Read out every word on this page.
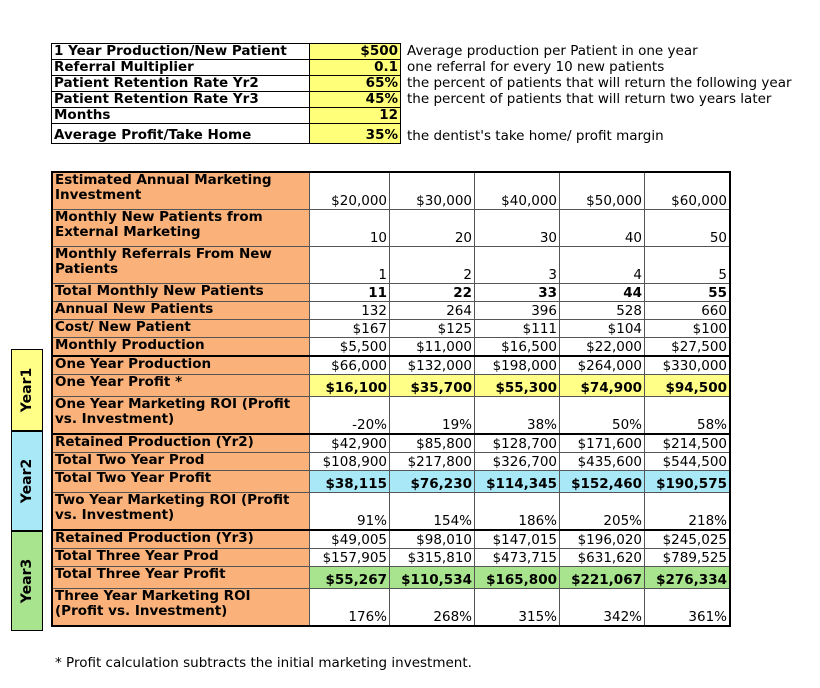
1 Year Production/New Patient	$500	Average production per Patient in one year
Referral Multiplier	0.1	one referral for every 10 new patients
Patient Retention Rate Yr2	65%	the percent of patients that will return the following year
Patient Retention Rate Yr3	45%	the percent of patients that will return two years later
Months	12	
Average Profit/Take Home	35%	the dentist's take home/ profit margin
Estimated Annual Marketing
Investment	$20,000	$30,000	$40,000	$50,000	$60,000

Monthly New Patients from
External Marketing	10	20	30	40	50

Monthly Referrals From New
Patients	1	2	3	4	5

Total Monthly New Patients	11	22	33	44	55

Annual New Patients	132	264	396	528	660

Cost/ New Patient	$167	$125	$111	$104	$100

Monthly Production	$5,500	$11,000	$16,500	$22,000	$27,500

One Year Production	$66,000	$132,000	$198,000	$264,000	$330,000

One Year Profit *	$16,100	$35,700	$55,300	$74,900	$94,500

One Year Marketing ROI (Profit
vs. Investment)	-20%	19%	38%	50%	58%

Retained Production (Yr2)	$42,900	$85,800	$128,700	$171,600	$214,500

Total Two Year Prod	$108,900	$217,800	$326,700	$435,600	$544,500

Total Two Year Profit	$38,115	$76,230	$114,345	$152,460	$190,575

Two Year Marketing ROI (Profit
vs. Investment)	91%	154%	186%	205%	218%

Retained Production (Yr3)	$49,005	$98,010	$147,015	$196,020	$245,025

Total Three Year Prod	$157,905	$315,810	$473,715	$631,620	$789,525

Total Three Year Profit	$55,267	$110,534	$165,800	$221,067	$276,334

Three Year Marketing ROI
(Profit vs. Investment)	176%	268%	315%	342%	361%
Year1
Year2
Year3
* Profit calculation subtracts the initial marketing investment.
